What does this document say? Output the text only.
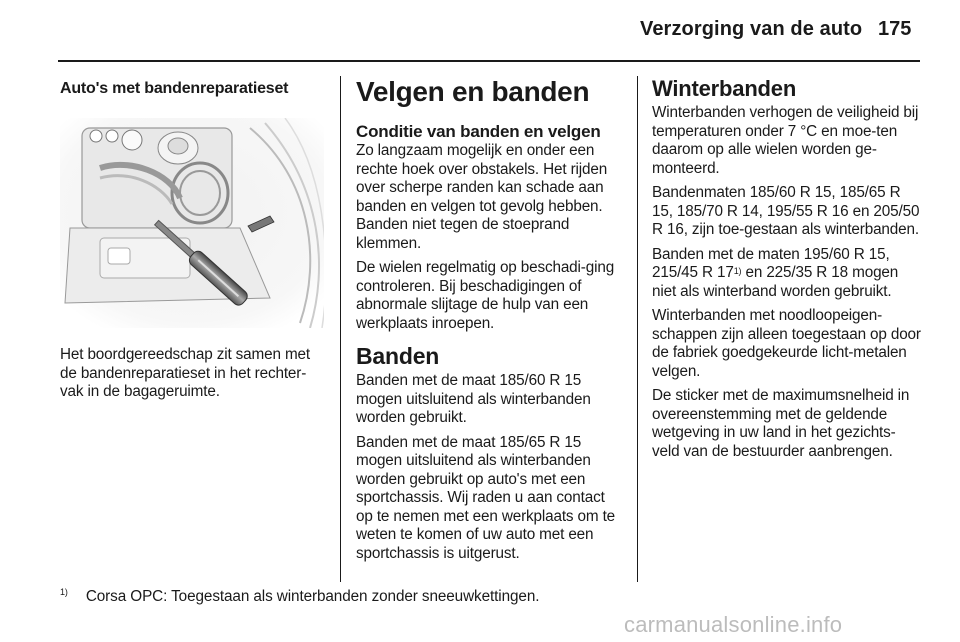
Verzorging van de auto 175
Auto's met bandenreparatieset

Het boordgereedschap zit samen met de bandenreparatieset in het rechter-vak in de bagageruimte.

Velgen en banden
Conditie van banden en velgen

Zo langzaam mogelijk en onder een rechte hoek over obstakels. Het rijden over scherpe randen kan schade aan banden en velgen tot gevolg hebben. Banden niet tegen de stoeprand klemmen.

De wielen regelmatig op beschadi-ging controleren. Bij beschadigingen of abnormale slijtage de hulp van een werkplaats inroepen.

Banden

Banden met de maat 185/60 R 15 mogen uitsluitend als winterbanden worden gebruikt.

Banden met de maat 185/65 R 15 mogen uitsluitend als winterbanden worden gebruikt op auto's met een sportchassis. Wij raden u aan contact op te nemen met een werkplaats om te weten te komen of uw auto met een sportchassis is uitgerust.

Winterbanden

Winterbanden verhogen de veiligheid bij temperaturen onder 7 °C en moe-ten daarom op alle wielen worden ge-monteerd.

Bandenmaten 185/60 R 15, 185/65 R 15, 185/70 R 14, 195/55 R 16 en 205/50 R 16, zijn toe-gestaan als winterbanden.

Banden met de maten 195/60 R 15, 215/45 R 17$^{1)}$ en 225/35 R 18 mogen niet als winterband worden gebruikt.

Winterbanden met noodloopeigen-schappen zijn alleen toegestaan op door de fabriek goedgekeurde licht-metalen velgen.

De sticker met de maximumsnelheid in overeenstemming met de geldende wetgeving in uw land in het gezichts-veld van de bestuurder aanbrengen.

$^{1)}$ Corsa OPC: Toegestaan als winterbanden zonder sneeuwkettingen.
carmanualsonline.info
